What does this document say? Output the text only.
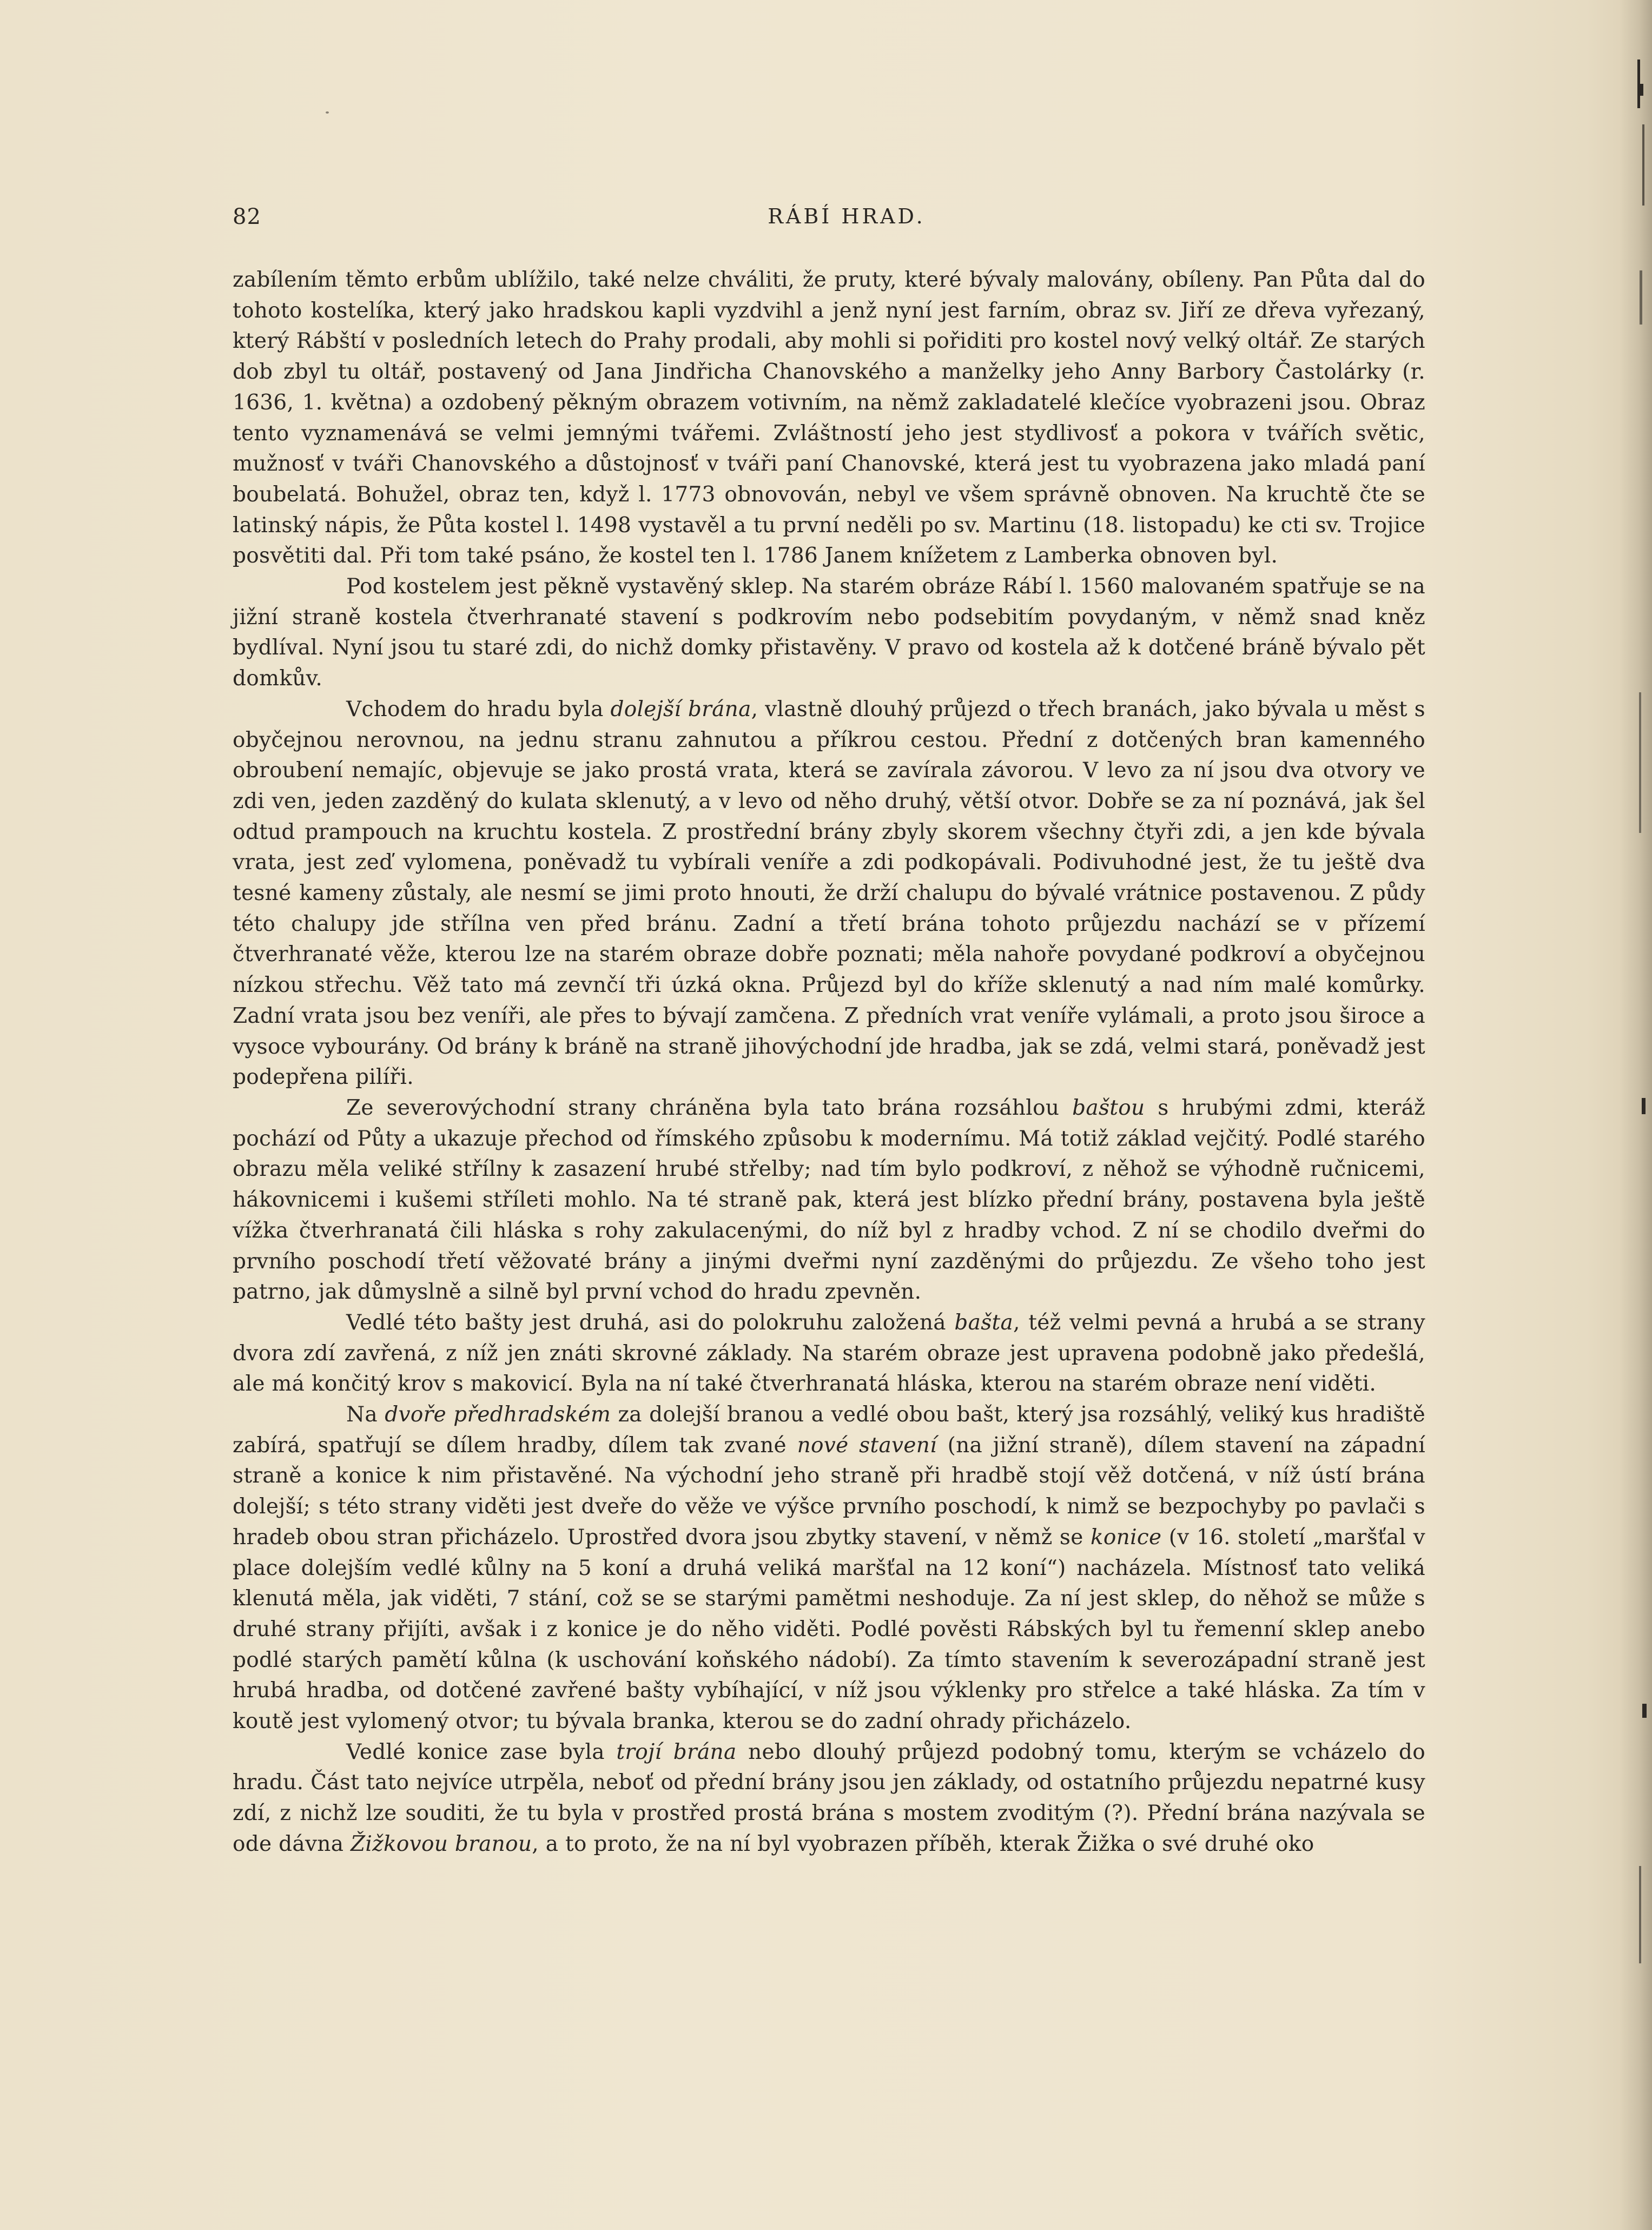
82	RÁBÍ HRAD.

zabílením těmto erbům ublížilo, také nelze chváliti, že pruty, které bývaly malovány, obíleny. Pan Půta dal do tohoto kostelíka, který jako hradskou kapli vyzdvihl a jenž nyní jest farním, obraz sv. Jiří ze dřeva vyřezaný, který Rábští v posledních letech do Prahy prodali, aby mohli si pořiditi pro kostel nový velký oltář. Ze starých dob zbyl tu oltář, postavený od Jana Jindřicha Chanovského a manželky jeho Anny Barbory Častolárky (r. 1636, 1. května) a ozdobený pěkným obrazem votivním, na němž zakladatelé klečíce vyobrazeni jsou. Obraz tento vyznamenává se velmi jemnými tvářemi. Zvláštností jeho jest stydlivosť a pokora v tvářích světic, mužnosť v tváři Chanovského a důstojnosť v tváři paní Chanovské, která jest tu vyobrazena jako mladá paní boubelatá. Bohužel, obraz ten, když l. 1773 obnovován, nebyl ve všem správně obnoven. Na kruchtě čte se latinský nápis, že Půta kostel l. 1498 vystavěl a tu první neděli po sv. Martinu (18. listopadu) ke cti sv. Trojice posvětiti dal. Při tom také psáno, že kostel ten l. 1786 Janem knížetem z Lamberka obnoven byl.

Pod kostelem jest pěkně vystavěný sklep. Na starém obráze Rábí l. 1560 malovaném spatřuje se na jižní straně kostela čtverhranaté stavení s podkrovím nebo podsebitím povydaným, v němž snad kněz bydlíval. Nyní jsou tu staré zdi, do nichž domky přistavěny. V pravo od kostela až k dotčené bráně bývalo pět domkův.

Vchodem do hradu byla dolejší brána, vlastně dlouhý průjezd o třech branách, jako bývala u měst s obyčejnou nerovnou, na jednu stranu zahnutou a příkrou cestou. Přední z dotčených bran kamenného obroubení nemajíc, objevuje se jako prostá vrata, která se zavírala závorou. V levo za ní jsou dva otvory ve zdi ven, jeden zazděný do kulata sklenutý, a v levo od něho druhý, větší otvor. Dobře se za ní poznává, jak šel odtud prampouch na kruchtu kostela. Z prostřední brány zbyly skorem všechny čtyři zdi, a jen kde bývala vrata, jest zeď vylomena, poněvadž tu vybírali veníře a zdi podkopávali. Podivuhodné jest, že tu ještě dva tesné kameny zůstaly, ale nesmí se jimi proto hnouti, že drží chalupu do bývalé vrátnice postavenou. Z půdy této chalupy jde střílna ven před bránu. Zadní a třetí brána tohoto průjezdu nachází se v přízemí čtverhranaté věže, kterou lze na starém obraze dobře poznati; měla nahoře povydané podkroví a obyčejnou nízkou střechu. Věž tato má zevnčí tři úzká okna. Průjezd byl do kříže sklenutý a nad ním malé komůrky. Zadní vrata jsou bez veníři, ale přes to bývají zamčena. Z předních vrat veníře vylámali, a proto jsou široce a vysoce vybourány. Od brány k bráně na straně jihovýchodní jde hradba, jak se zdá, velmi stará, poněvadž jest podepřena pilíři.

Ze severovýchodní strany chráněna byla tato brána rozsáhlou baštou s hrubými zdmi, kteráž pochází od Půty a ukazuje přechod od římského způsobu k modernímu. Má totiž základ vejčitý. Podlé starého obrazu měla veliké střílny k zasazení hrubé střelby; nad tím bylo podkroví, z něhož se výhodně ručnicemi, hákovnicemi i kušemi stříleti mohlo. Na té straně pak, která jest blízko přední brány, postavena byla ještě vížka čtverhranatá čili hláska s rohy zakulacenými, do níž byl z hradby vchod. Z ní se chodilo dveřmi do prvního poschodí třetí věžovaté brány a jinými dveřmi nyní zazděnými do průjezdu. Ze všeho toho jest patrno, jak důmyslně a silně byl první vchod do hradu zpevněn.

Vedlé této bašty jest druhá, asi do polokruhu založená bašta, též velmi pevná a hrubá a se strany dvora zdí zavřená, z níž jen znáti skrovné základy. Na starém obraze jest upravena podobně jako předešlá, ale má končitý krov s makovicí. Byla na ní také čtverhranatá hláska, kterou na starém obraze není viděti.

Na dvoře předhradském za dolejší branou a vedlé obou bašt, který jsa rozsáhlý, veliký kus hradiště zabírá, spatřují se dílem hradby, dílem tak zvané nové stavení (na jižní straně), dílem stavení na západní straně a konice k nim přistavěné. Na východní jeho straně při hradbě stojí věž dotčená, v níž ústí brána dolejší; s této strany viděti jest dveře do věže ve výšce prvního poschodí, k nimž se bezpochyby po pavlači s hradeb obou stran přicházelo. Uprostřed dvora jsou zbytky stavení, v němž se konice (v 16. století „maršťal v place dolejším vedlé kůlny na 5 koní a druhá veliká maršťal na 12 koní“) nacházela. Místnosť tato veliká klenutá měla, jak viděti, 7 stání, což se se starými pamětmi neshoduje. Za ní jest sklep, do něhož se může s druhé strany přijíti, avšak i z konice je do něho viděti. Podlé pověsti Rábských byl tu řemenní sklep anebo podlé starých pamětí kůlna (k uschování koňského nádobí). Za tímto stavením k severozápadní straně jest hrubá hradba, od dotčené zavřené bašty vybíhající, v níž jsou výklenky pro střelce a také hláska. Za tím v koutě jest vylomený otvor; tu bývala branka, kterou se do zadní ohrady přicházelo.

Vedlé konice zase byla trojí brána nebo dlouhý průjezd podobný tomu, kterým se vcházelo do hradu. Část tato nejvíce utrpěla, neboť od přední brány jsou jen základy, od ostatního průjezdu nepatrné kusy zdí, z nichž lze souditi, že tu byla v prostřed prostá brána s mostem zvoditým (?). Přední brána nazývala se ode dávna Žižkovou branou, a to proto, že na ní byl vyobrazen příběh, kterak Žižka o své druhé oko
